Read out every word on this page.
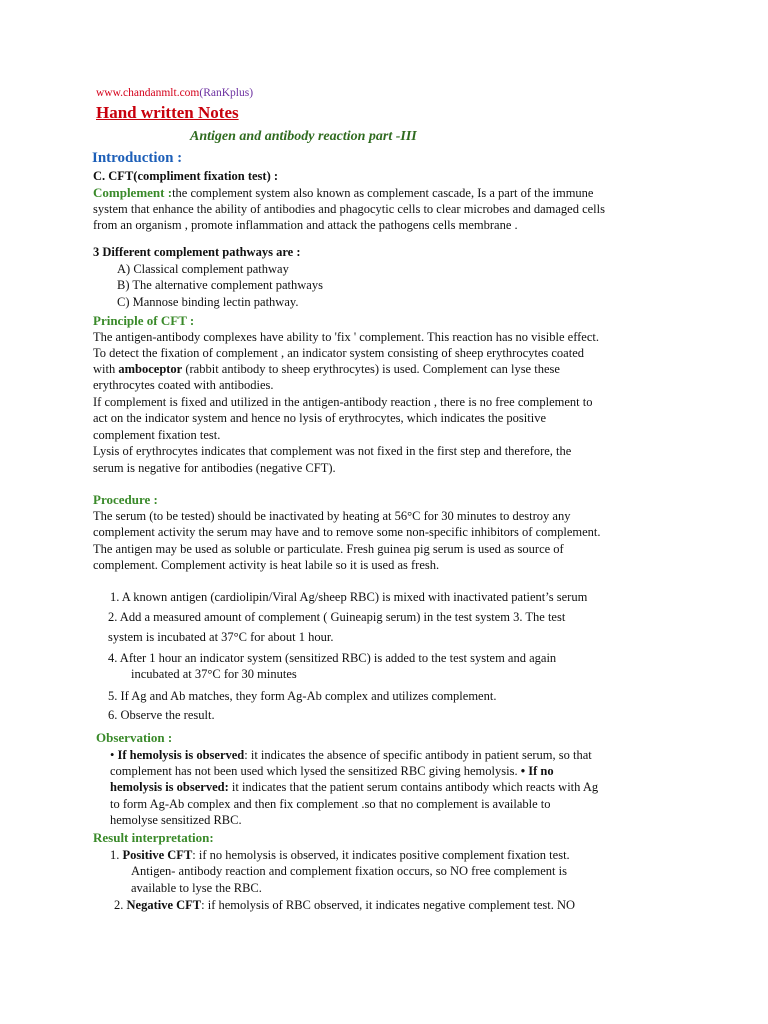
www.chandanmlt.com(RanKplus)
Hand written Notes
Antigen and antibody reaction part -III
Introduction :
C. CFT(compliment fixation test) :
Complement :the complement system also known as complement cascade, Is a part of the immune
system that enhance the ability of antibodies and phagocytic cells to clear microbes and damaged cells
from an organism , promote inflammation and attack the pathogens cells membrane .
3 Different complement pathways are :
A) Classical complement pathway
B) The alternative complement pathways
C) Mannose binding lectin pathway.
Principle of CFT :
The antigen-antibody complexes have ability to 'fix ' complement. This reaction has no visible effect.
To detect the fixation of complement , an indicator system consisting of sheep erythrocytes coated
with amboceptor (rabbit antibody to sheep erythrocytes) is used. Complement can lyse these
erythrocytes coated with antibodies.
If complement is fixed and utilized in the antigen-antibody reaction , there is no free complement to
act on the indicator system and hence no lysis of erythrocytes, which indicates the positive
complement fixation test.
Lysis of erythrocytes indicates that complement was not fixed in the first step and therefore, the
serum is negative for antibodies (negative CFT).
Procedure :
The serum (to be tested) should be inactivated by heating at 56°C for 30 minutes to destroy any
complement activity the serum may have and to remove some non-specific inhibitors of complement.
The antigen may be used as soluble or particulate. Fresh guinea pig serum is used as source of
complement. Complement activity is heat labile so it is used as fresh.
1. A known antigen (cardiolipin/Viral Ag/sheep RBC) is mixed with inactivated patient’s serum
2. Add a measured amount of complement ( Guineapig serum) in the test system 3. The test
system is incubated at 37°C for about 1 hour.
4. After 1 hour an indicator system (sensitized RBC) is added to the test system and again
incubated at 37°C for 30 minutes
5. If Ag and Ab matches, they form Ag-Ab complex and utilizes complement.
6. Observe the result.
Observation :
• If hemolysis is observed: it indicates the absence of specific antibody in patient serum, so that
complement has not been used which lysed the sensitized RBC giving hemolysis. • If no
hemolysis is observed: it indicates that the patient serum contains antibody which reacts with Ag
to form Ag-Ab complex and then fix complement .so that no complement is available to
hemolyse sensitized RBC.
Result interpretation:
1. Positive CFT: if no hemolysis is observed, it indicates positive complement fixation test.
Antigen- antibody reaction and complement fixation occurs, so NO free complement is
available to lyse the RBC.
2. Negative CFT: if hemolysis of RBC observed, it indicates negative complement test. NO
